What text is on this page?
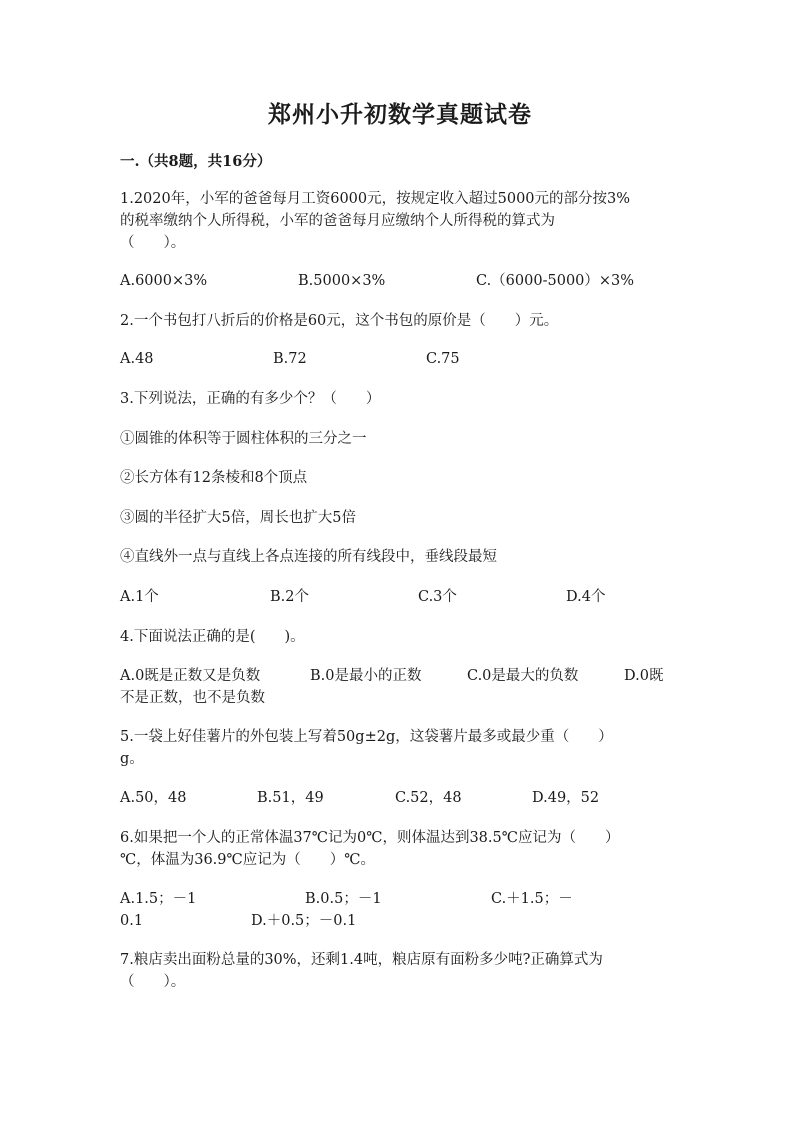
郑州小升初数学真题试卷
一.（共8题，共16分）
1.2020年，小军的爸爸每月工资6000元，按规定收入超过5000元的部分按3%
的税率缴纳个人所得税，小军的爸爸每月应缴纳个人所得税的算式为
（　　）。
A.6000×3%	B.5000×3%	C.（6000-5000）×3%
2.一个书包打八折后的价格是60元，这个书包的原价是（　　）元。
A.48	B.72	C.75
3.下列说法，正确的有多少个？（　　）
①圆锥的体积等于圆柱体积的三分之一
②长方体有12条棱和8个顶点
③圆的半径扩大5倍，周长也扩大5倍
④直线外一点与直线上各点连接的所有线段中，垂线段最短
A.1个	B.2个	C.3个	D.4个
4.下面说法正确的是(　　)。
A.0既是正数又是负数	B.0是最小的正数	C.0是最大的负数	D.0既
不是正数，也不是负数
5.一袋上好佳薯片的外包装上写着50g±2g，这袋薯片最多或最少重（　　）
g。
A.50，48	B.51，49	C.52，48	D.49，52
6.如果把一个人的正常体温37℃记为0℃，则体温达到38.5℃应记为（　　）
℃，体温为36.9℃应记为（　　）℃。
A.1.5；－1	B.0.5；－1	C.＋1.5；－
0.1	D.＋0.5；－0.1
7.粮店卖出面粉总量的30%，还剩1.4吨，粮店原有面粉多少吨?正确算式为
（　　）。
